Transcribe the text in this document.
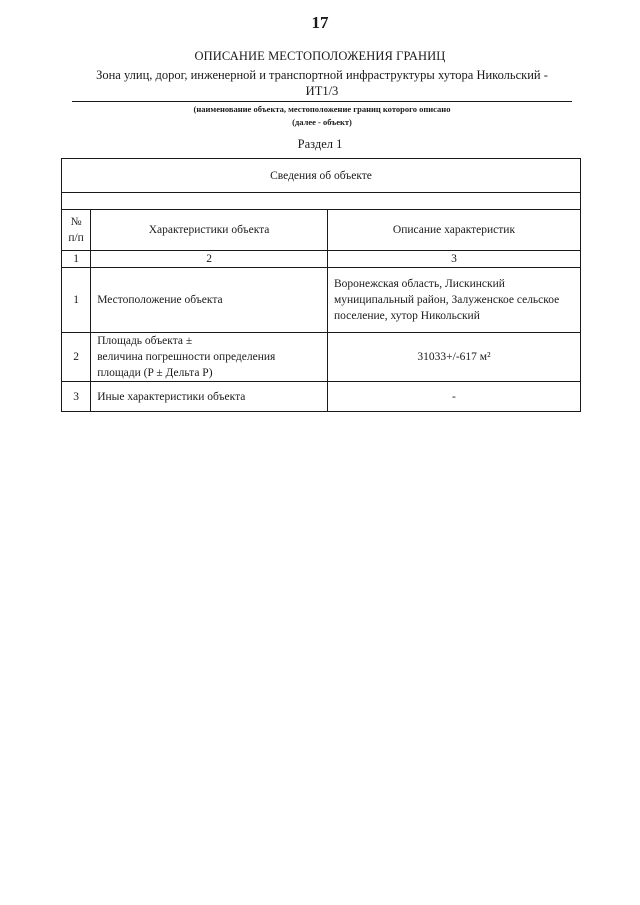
17
ОПИСАНИЕ МЕСТОПОЛОЖЕНИЯ ГРАНИЦ
Зона улиц, дорог, инженерной и транспортной инфраструктуры хутора Никольский -
ИТ1/3
(наименование объекта, местоположение границ которого описано
(далее - объект)
Раздел 1
Сведения об объекте		

№
п/п	Характеристики объекта	Описание характеристик
1	2	3
1	Местоположение объекта	Воронежская область, Лискинский муниципальный район, Залуженское сельское поселение, хутор Никольский
2	Площадь объекта ±
величина погрешности определения
площади (P ± Дельта P)	31033+/-617 м²
3	Иные характеристики объекта	-
